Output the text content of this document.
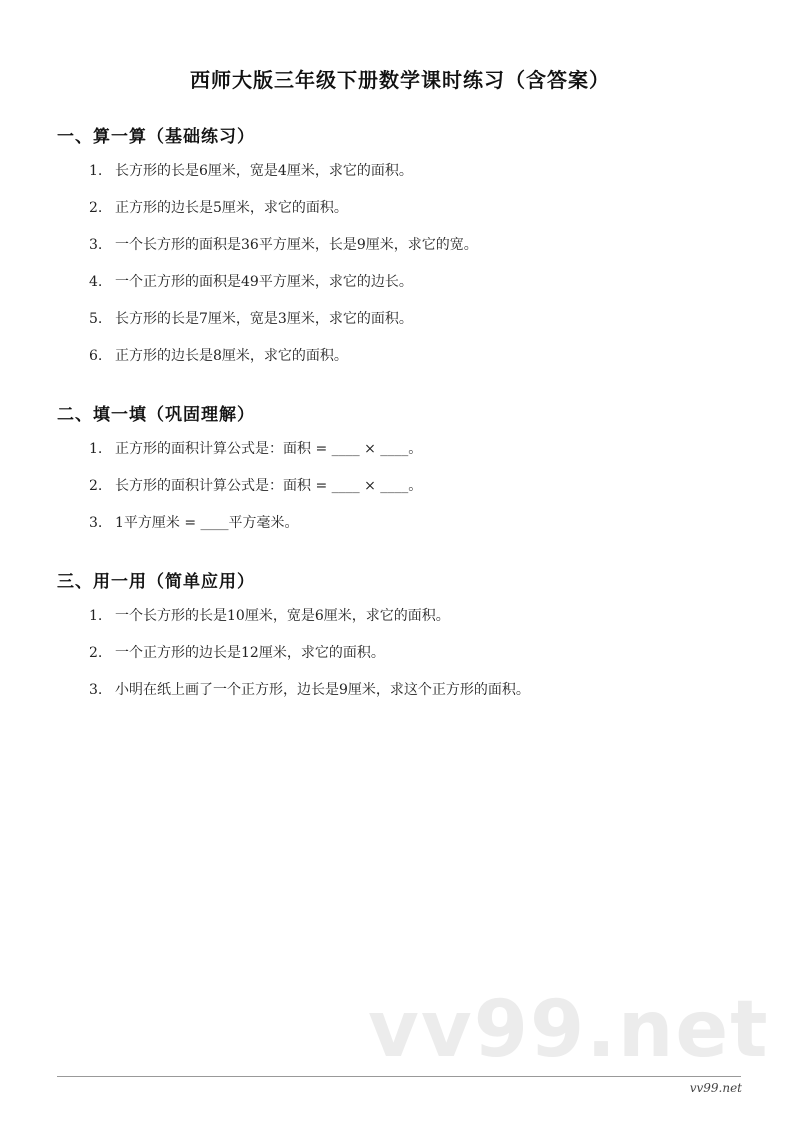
西师大版三年级下册数学课时练习（含答案）
一、算一算（基础练习）
1. 长方形的长是6厘米，宽是4厘米，求它的面积。
2. 正方形的边长是5厘米，求它的面积。
3. 一个长方形的面积是36平方厘米，长是9厘米，求它的宽。
4. 一个正方形的面积是49平方厘米，求它的边长。
5. 长方形的长是7厘米，宽是3厘米，求它的面积。
6. 正方形的边长是8厘米，求它的面积。
二、填一填（巩固理解）
1. 正方形的面积计算公式是：面积 = ____ × ____。
2. 长方形的面积计算公式是：面积 = ____ × ____。
3. 1平方厘米 = ____平方毫米。
三、用一用（简单应用）
1. 一个长方形的长是10厘米，宽是6厘米，求它的面积。
2. 一个正方形的边长是12厘米，求它的面积。
3. 小明在纸上画了一个正方形，边长是9厘米，求这个正方形的面积。
vv99.net
vv99.net
